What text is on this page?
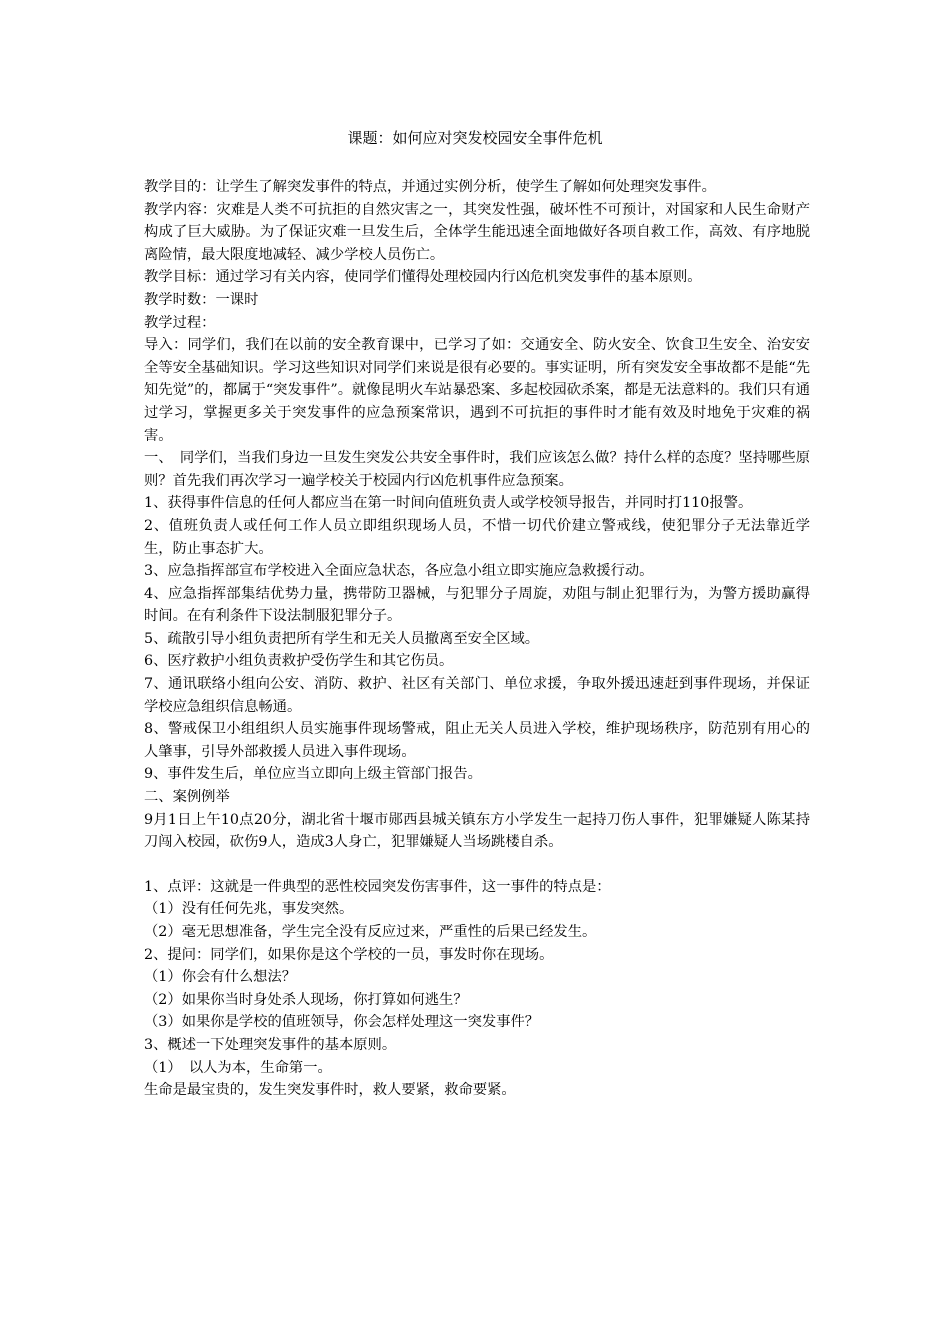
课题：如何应对突发校园安全事件危机

教学目的：让学生了解突发事件的特点，并通过实例分析，使学生了解如何处理突发事件。

教学内容：灾难是人类不可抗拒的自然灾害之一，其突发性强，破坏性不可预计，对国家和人民生命财产构成了巨大威胁。为了保证灾难一旦发生后，全体学生能迅速全面地做好各项自救工作，高效、有序地脱离险情，最大限度地减轻、减少学校人员伤亡。

教学目标：通过学习有关内容，使同学们懂得处理校园内行凶危机突发事件的基本原则。

教学时数：一课时

教学过程：

导入：同学们，我们在以前的安全教育课中，已学习了如：交通安全、防火安全、饮食卫生安全、治安安全等安全基础知识。学习这些知识对同学们来说是很有必要的。事实证明，所有突发安全事故都不是能“先知先觉”的，都属于“突发事件”。就像昆明火车站暴恐案、多起校园砍杀案，都是无法意料的。我们只有通过学习，掌握更多关于突发事件的应急预案常识，遇到不可抗拒的事件时才能有效及时地免于灾难的祸害。

一、　同学们，当我们身边一旦发生突发公共安全事件时，我们应该怎么做？持什么样的态度？坚持哪些原则？首先我们再次学习一遍学校关于校园内行凶危机事件应急预案。

1、获得事件信息的任何人都应当在第一时间向值班负责人或学校领导报告，并同时打110报警。

2、值班负责人或任何工作人员立即组织现场人员，不惜一切代价建立警戒线，使犯罪分子无法靠近学生，防止事态扩大。

3、应急指挥部宣布学校进入全面应急状态，各应急小组立即实施应急救援行动。

4、应急指挥部集结优势力量，携带防卫器械，与犯罪分子周旋，劝阻与制止犯罪行为，为警方援助赢得时间。在有利条件下设法制服犯罪分子。

5、疏散引导小组负责把所有学生和无关人员撤离至安全区域。

6、医疗救护小组负责救护受伤学生和其它伤员。

7、通讯联络小组向公安、消防、救护、社区有关部门、单位求援，争取外援迅速赶到事件现场，并保证学校应急组织信息畅通。

8、警戒保卫小组组织人员实施事件现场警戒，阻止无关人员进入学校，维护现场秩序，防范别有用心的人肇事，引导外部救援人员进入事件现场。

9、事件发生后，单位应当立即向上级主管部门报告。

二、案例例举

9月1日上午10点20分，湖北省十堰市郧西县城关镇东方小学发生一起持刀伤人事件，犯罪嫌疑人陈某持刀闯入校园，砍伤9人，造成3人身亡，犯罪嫌疑人当场跳楼自杀。

1、点评：这就是一件典型的恶性校园突发伤害事件，这一事件的特点是：

（1）没有任何先兆，事发突然。

（2）毫无思想准备，学生完全没有反应过来，严重性的后果已经发生。

2、提问：同学们，如果你是这个学校的一员，事发时你在现场。

（1）你会有什么想法？

（2）如果你当时身处杀人现场，你打算如何逃生？

（3）如果你是学校的值班领导，你会怎样处理这一突发事件？

3、概述一下处理突发事件的基本原则。

（1）　以人为本，生命第一。

生命是最宝贵的，发生突发事件时，救人要紧，救命要紧。
